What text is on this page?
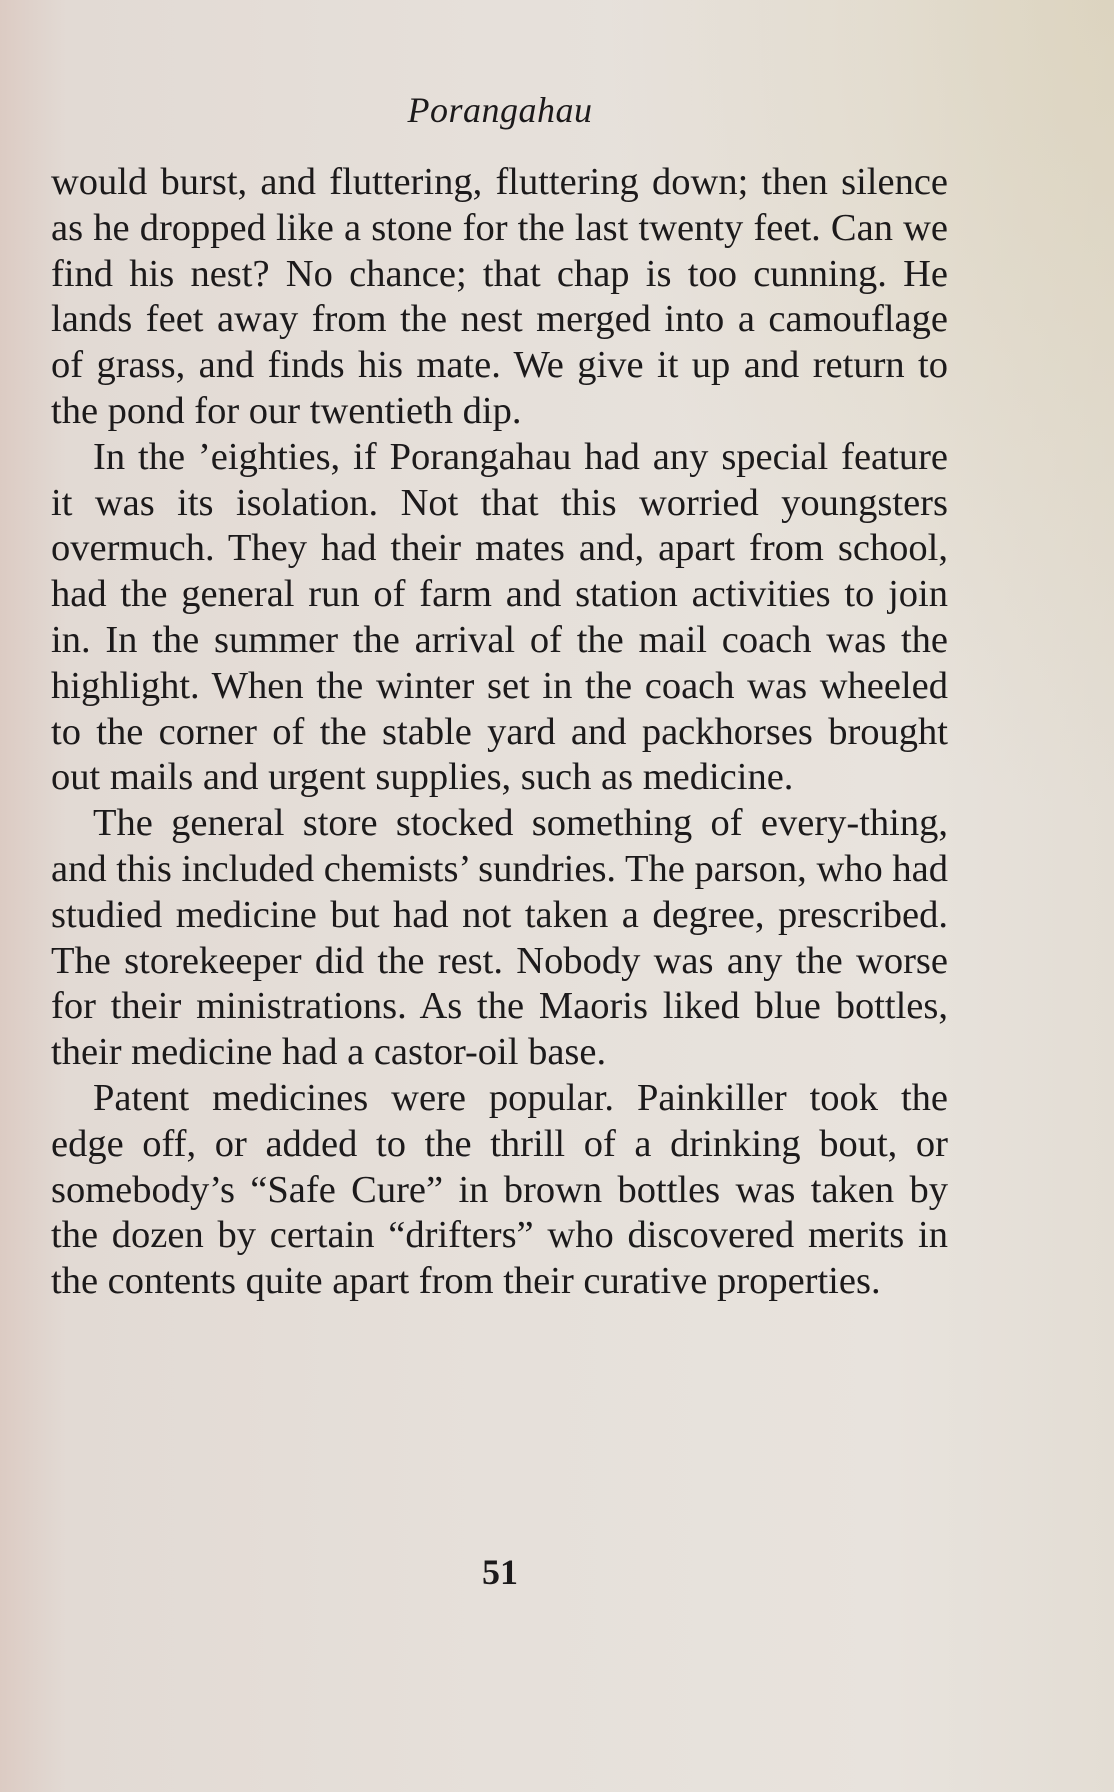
Porangahau

would burst, and fluttering, fluttering down; then silence as he dropped like a stone for the last twenty feet. Can we find his nest? No chance; that chap is too cunning. He lands feet away from the nest merged into a camouflage of grass, and finds his mate. We give it up and return to the pond for our twentieth dip.

In the ’eighties, if Porangahau had any special feature it was its isolation. Not that this worried youngsters overmuch. They had their mates and, apart from school, had the general run of farm and station activities to join in. In the summer the arrival of the mail coach was the highlight. When the winter set in the coach was wheeled to the corner of the stable yard and packhorses brought out mails and urgent supplies, such as medicine.

The general store stocked something of every-thing, and this included chemists’ sundries. The parson, who had studied medicine but had not taken a degree, prescribed. The storekeeper did the rest. Nobody was any the worse for their ministrations. As the Maoris liked blue bottles, their medicine had a castor-oil base.

Patent medicines were popular. Painkiller took the edge off, or added to the thrill of a drinking bout, or somebody’s “Safe Cure” in brown bottles was taken by the dozen by certain “drifters” who discovered merits in the contents quite apart from their curative properties.

51
